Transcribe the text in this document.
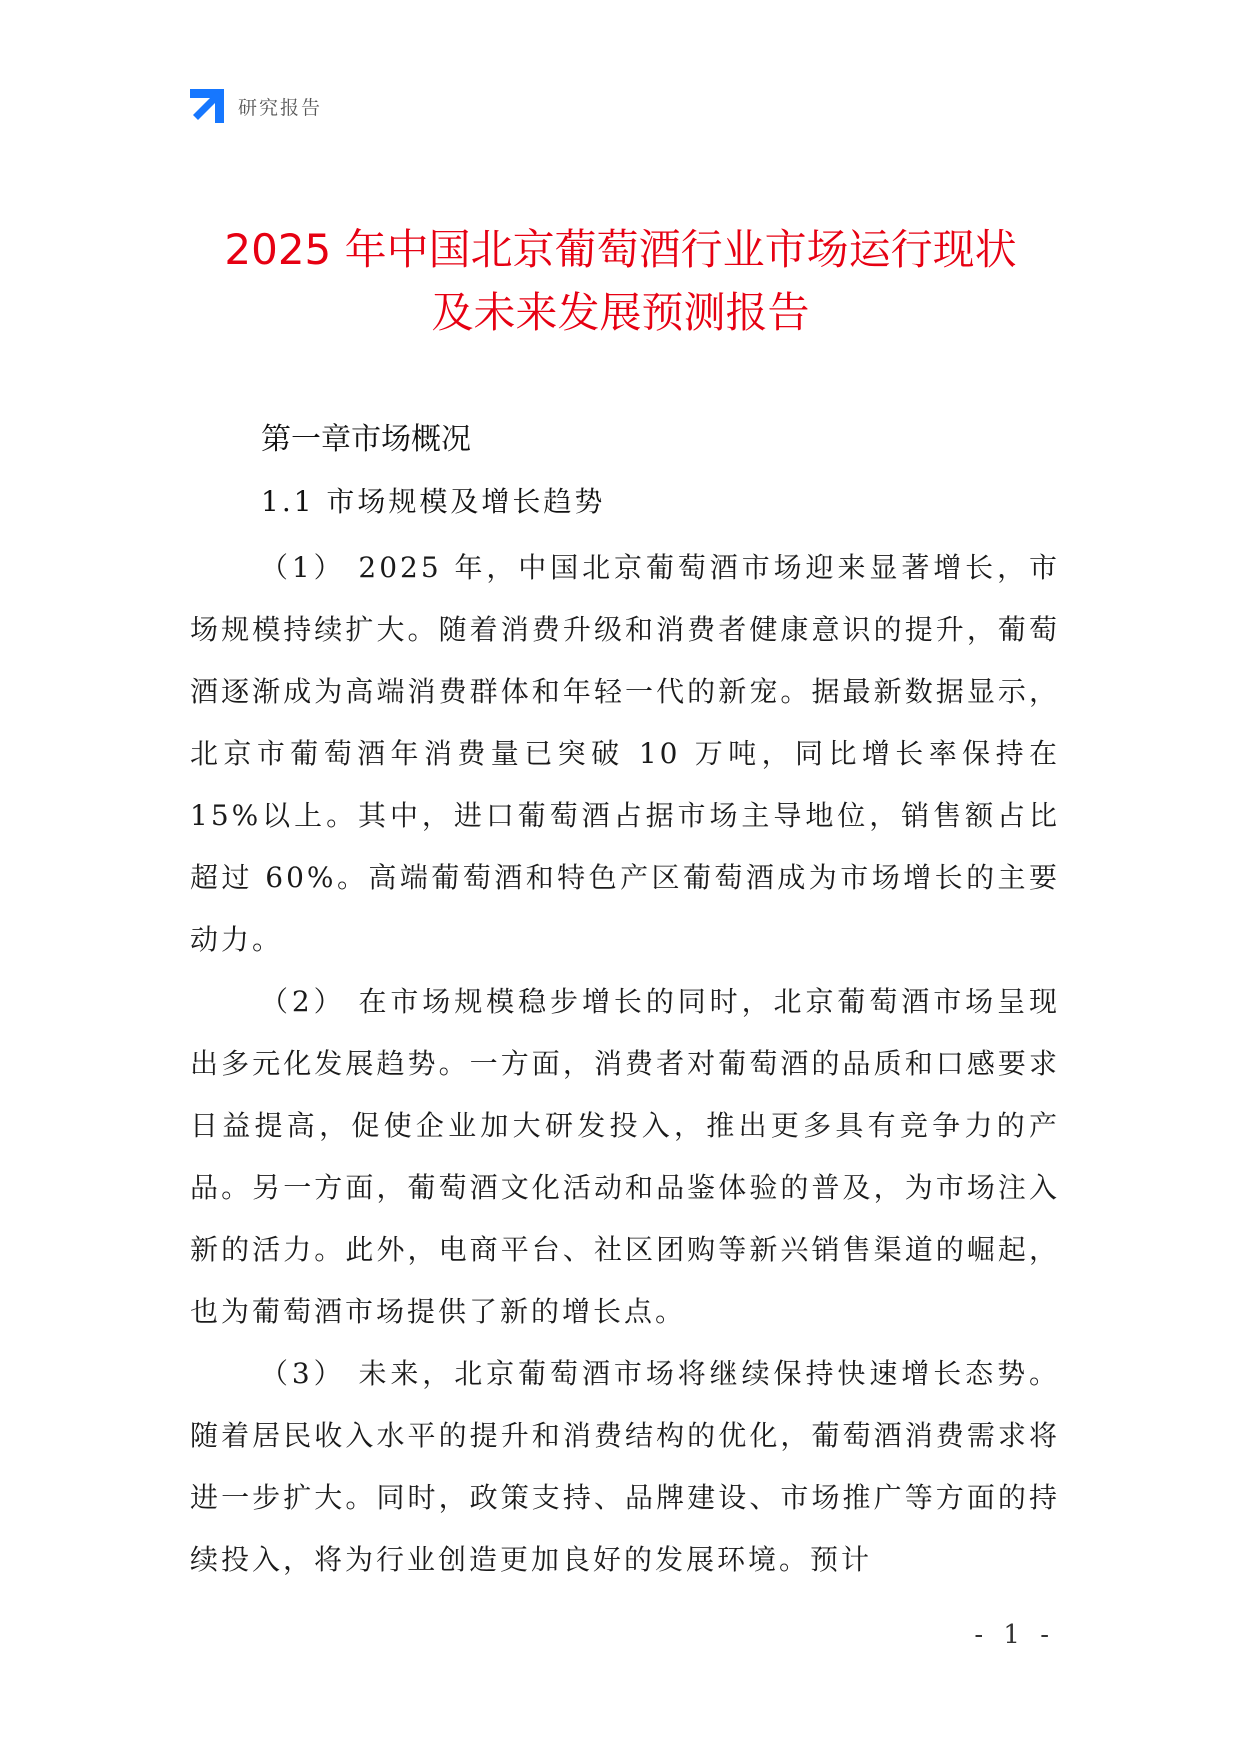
研究报告
2025 年中国北京葡萄酒行业市场运行现状
及未来发展预测报告
第一章市场概况
1.1 市场规模及增长趋势

（1） 2025 年，中国北京葡萄酒市场迎来显著增长，市场规模持续扩大。随着消费升级和消费者健康意识的提升，葡萄酒逐渐成为高端消费群体和年轻一代的新宠。据最新数据显示，北京市葡萄酒年消费量已突破 10 万吨，同比增长率保持在 15%以上。其中，进口葡萄酒占据市场主导地位，销售额占比超过 60%。高端葡萄酒和特色产区葡萄酒成为市场增长的主要动力。

（2） 在市场规模稳步增长的同时，北京葡萄酒市场呈现出多元化发展趋势。一方面，消费者对葡萄酒的品质和口感要求日益提高，促使企业加大研发投入，推出更多具有竞争力的产品。另一方面，葡萄酒文化活动和品鉴体验的普及，为市场注入新的活力。此外，电商平台、社区团购等新兴销售渠道的崛起，也为葡萄酒市场提供了新的增长点。

（3） 未来，北京葡萄酒市场将继续保持快速增长态势。随着居民收入水平的提升和消费结构的优化，葡萄酒消费需求将进一步扩大。同时，政策支持、品牌建设、市场推广等方面的持续投入，将为行业创造更加良好的发展环境。预计

- 1 -
